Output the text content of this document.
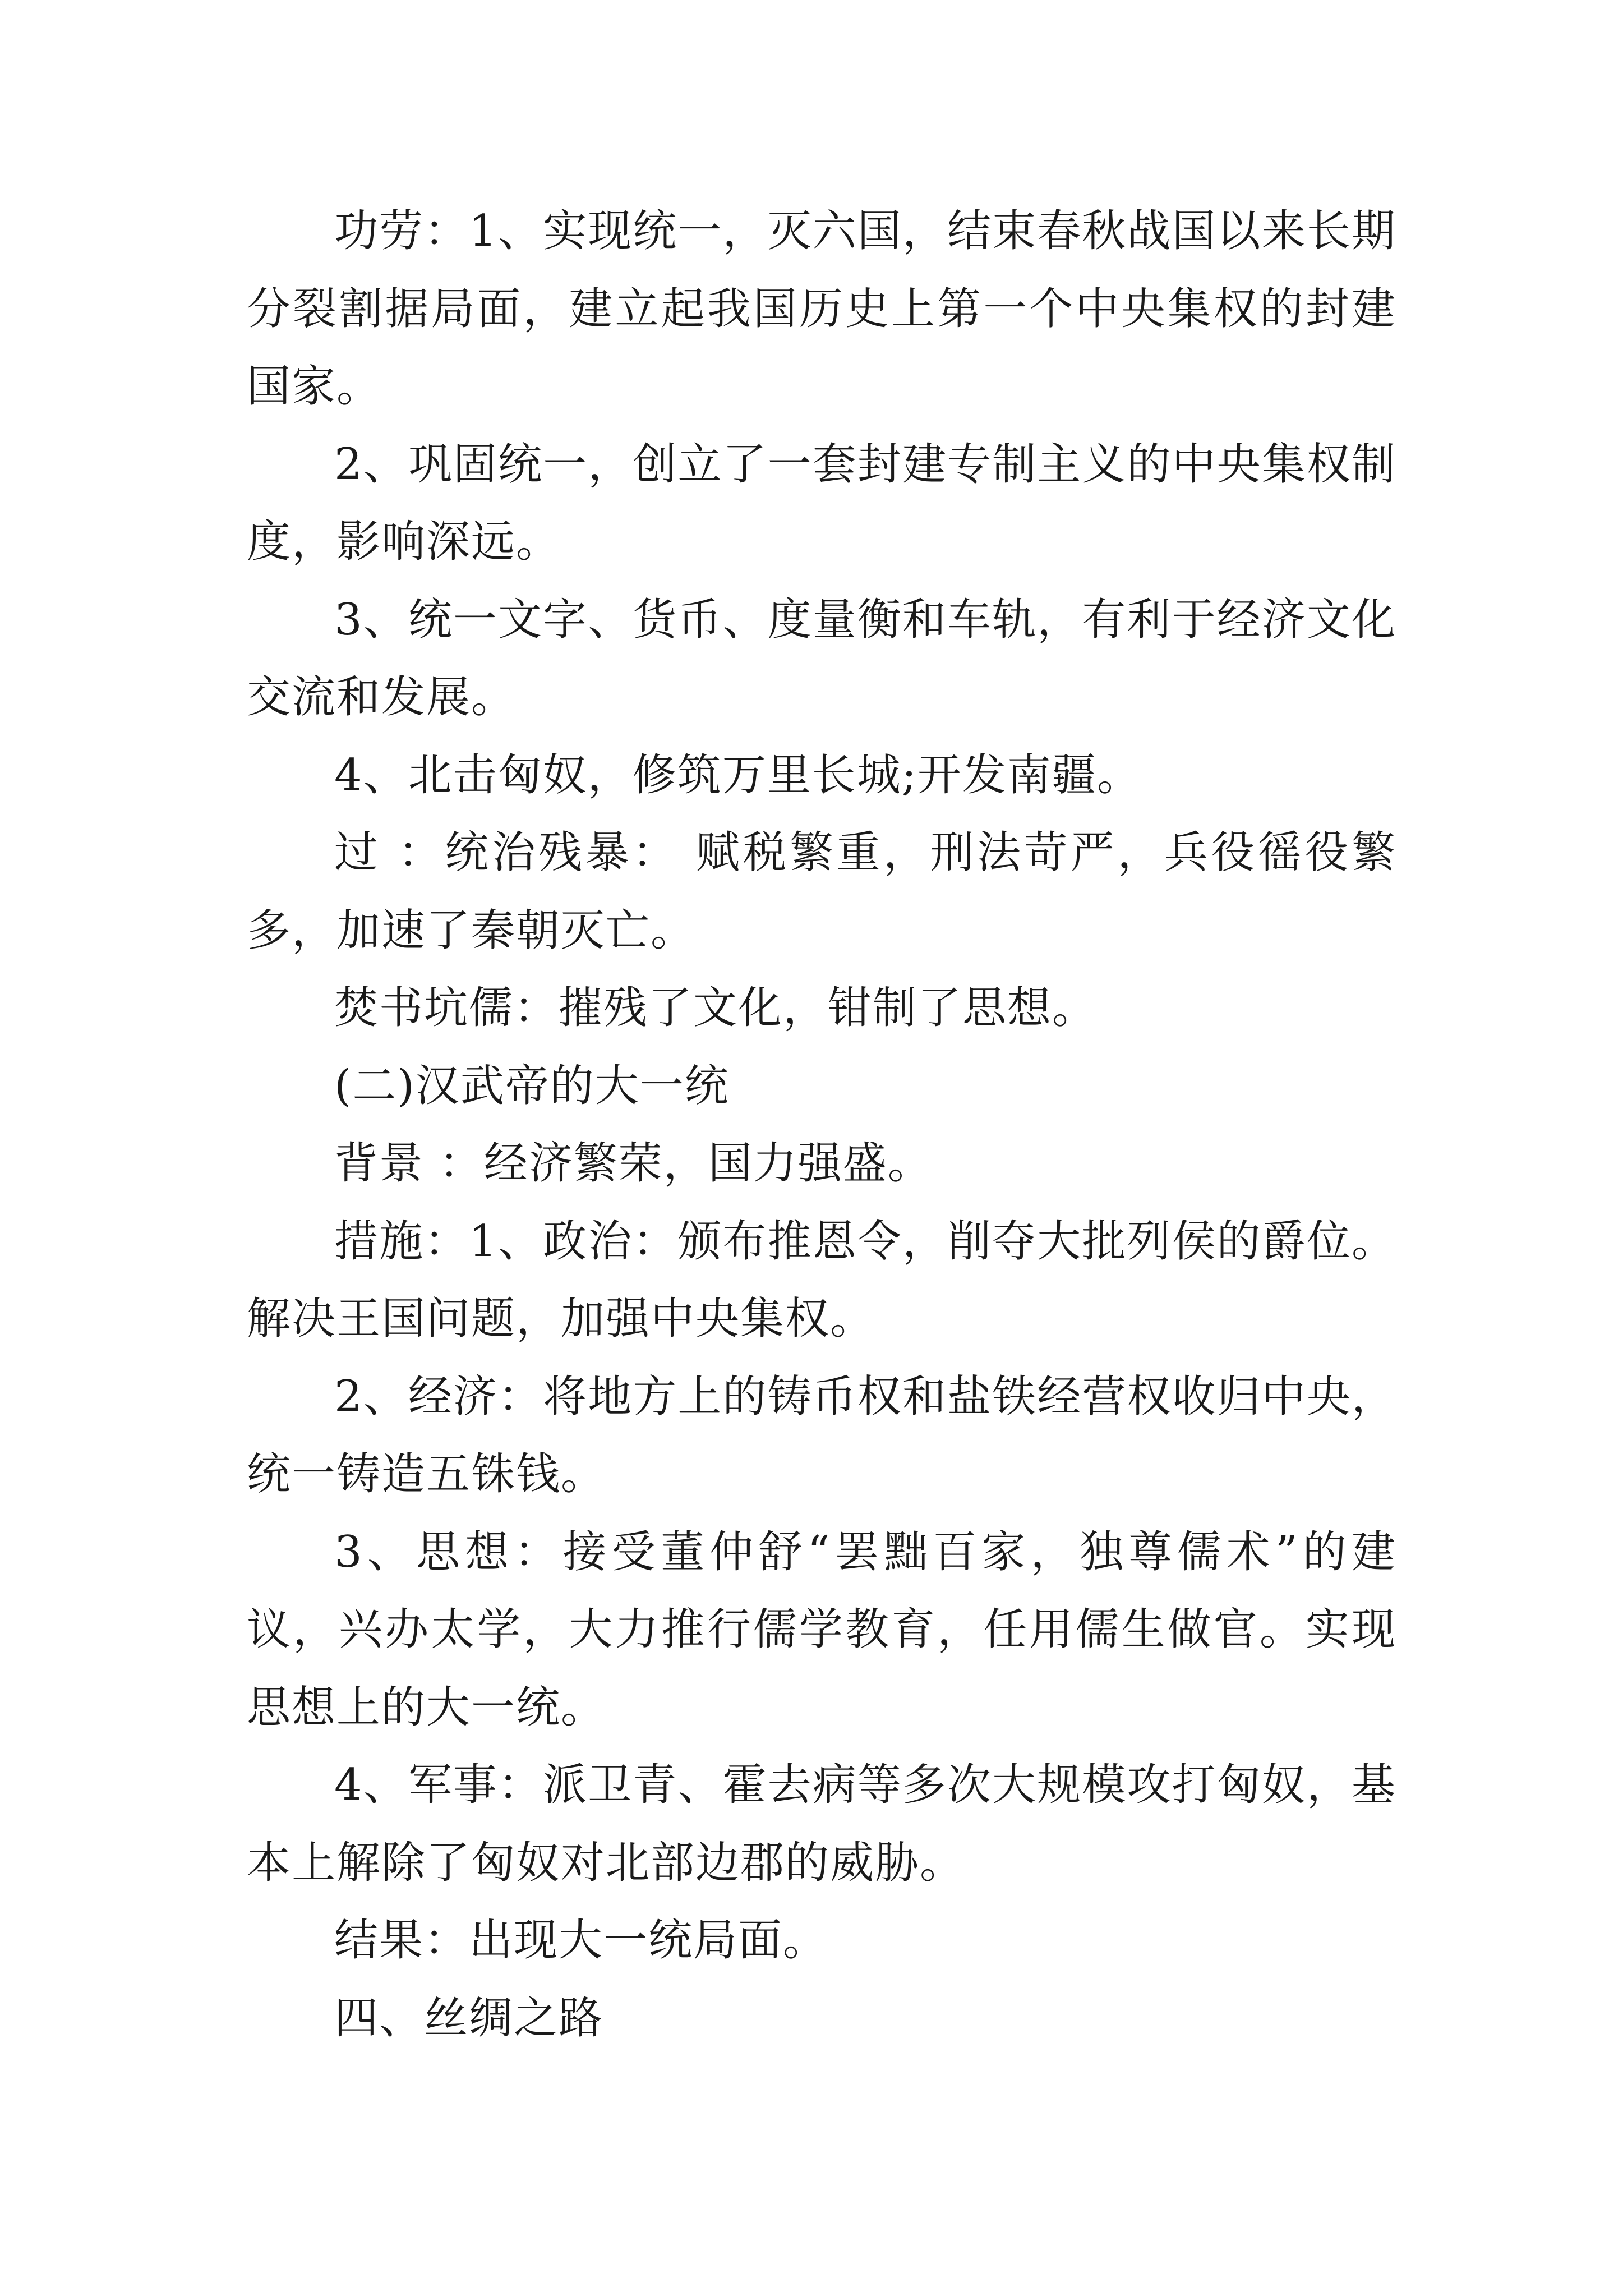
功劳：1、实现统一，灭六国，结束春秋战国以来长期分裂割据局面，建立起我国历史上第一个中央集权的封建国家。

2、巩固统一，创立了一套封建专制主义的中央集权制度，影响深远。

3、统一文字、货币、度量衡和车轨，有利于经济文化交流和发展。

4、北击匈奴，修筑万里长城;开发南疆。

过 ：统治残暴： 赋税繁重，刑法苛严，兵役徭役繁多，加速了秦朝灭亡。

焚书坑儒：摧残了文化，钳制了思想。

(二)汉武帝的大一统

背景 ：经济繁荣，国力强盛。

措施：1、政治：颁布推恩令，削夺大批列侯的爵位。解决王国问题，加强中央集权。

2、经济：将地方上的铸币权和盐铁经营权收归中央，统一铸造五铢钱。

3、思想：接受董仲舒“罢黜百家，独尊儒术”的建议，兴办太学，大力推行儒学教育，任用儒生做官。实现思想上的大一统。

4、军事：派卫青、霍去病等多次大规模攻打匈奴，基本上解除了匈奴对北部边郡的威胁。

结果：出现大一统局面。

四、丝绸之路
